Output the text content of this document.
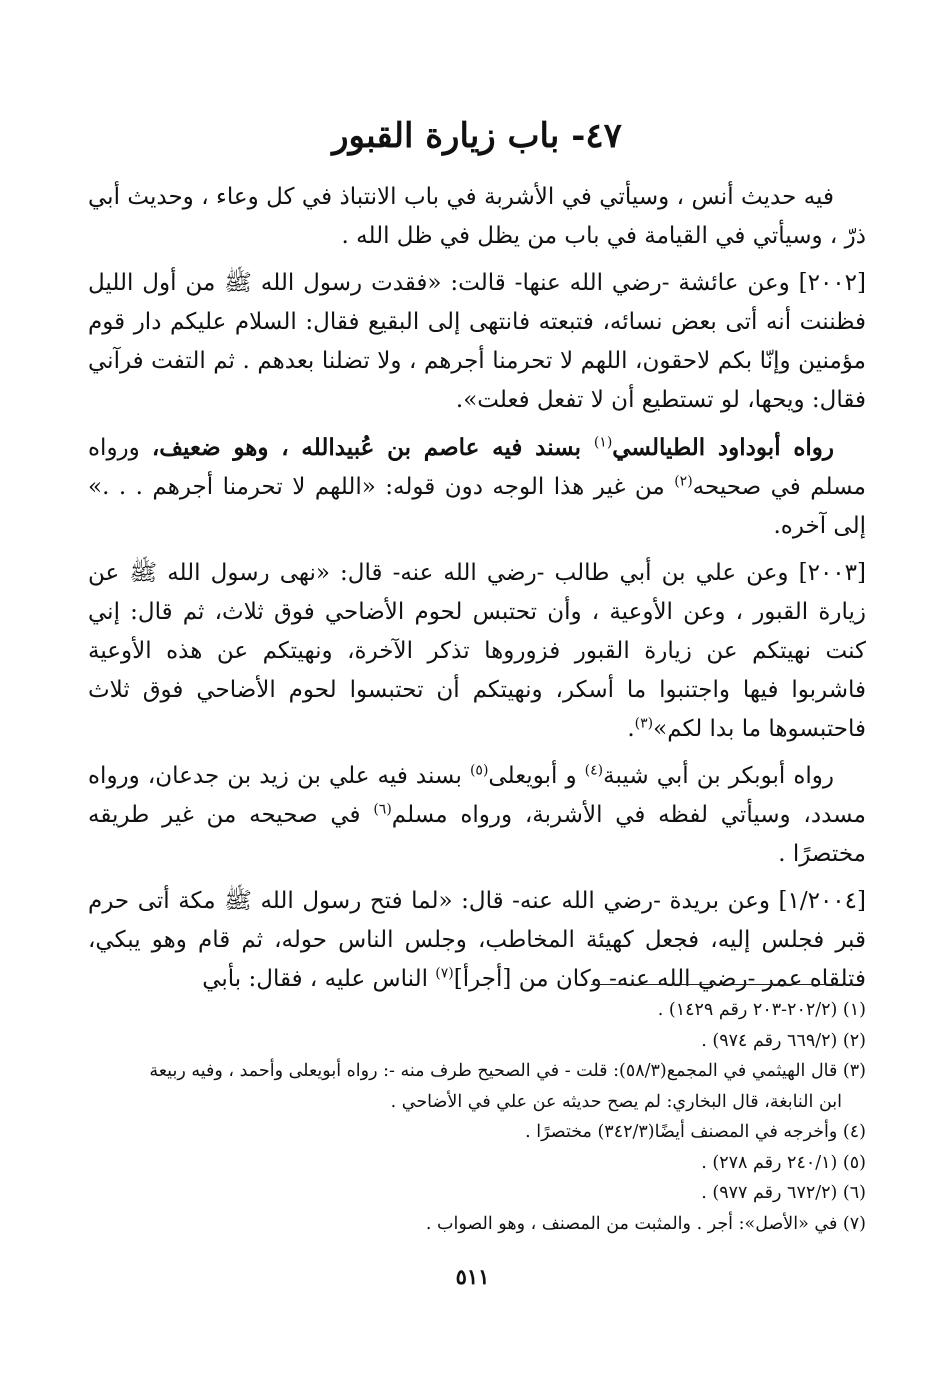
٤٧- باب زيارة القبور

فيه حديث أنس ، وسيأتي في الأشربة في باب الانتباذ في كل وعاء ، وحديث أبي ذرّ ، وسيأتي في القيامة في باب من يظل في ظل الله .

[٢٠٠٢] وعن عائشة -رضي الله عنها- قالت: «فقدت رسول الله ﷺ من أول الليل فظننت أنه أتى بعض نسائه، فتبعته فانتهى إلى البقيع فقال: السلام عليكم دار قوم مؤمنين وإنّا بكم لاحقون، اللهم لا تحرمنا أجرهم ، ولا تضلنا بعدهم . ثم التفت فرآني فقال: ويحها، لو تستطيع أن لا تفعل فعلت».

رواه أبوداود الطيالسي$^{(١)}$ بسند فيه عاصم بن عُبيدالله ، وهو ضعيف، ورواه مسلم في صحيحه$^{(٢)}$ من غير هذا الوجه دون قوله: «اللهم لا تحرمنا أجرهم . . .» إلى آخره.

[٢٠٠٣] وعن علي بن أبي طالب -رضي الله عنه- قال: «نهى رسول الله ﷺ عن زيارة القبور ، وعن الأوعية ، وأن تحتبس لحوم الأضاحي فوق ثلاث، ثم قال: إني كنت نهيتكم عن زيارة القبور فزوروها تذكر الآخرة، ونهيتكم عن هذه الأوعية فاشربوا فيها واجتنبوا ما أسكر، ونهيتكم أن تحتبسوا لحوم الأضاحي فوق ثلاث فاحتبسوها ما بدا لكم»$^{(٣)}$.

رواه أبوبكر بن أبي شيبة$^{(٤)}$ و أبويعلى$^{(٥)}$ بسند فيه علي بن زيد بن جدعان، ورواه مسدد، وسيأتي لفظه في الأشربة، ورواه مسلم$^{(٦)}$ في صحيحه من غير طريقه مختصرًا .

[١/٢٠٠٤] وعن بريدة -رضي الله عنه- قال: «لما فتح رسول الله ﷺ مكة أتى حرم قبر فجلس إليه، فجعل كهيئة المخاطب، وجلس الناس حوله، ثم قام وهو يبكي، فتلقاه عمر -رضي الله عنه- وكان من [أجرأ]$^{(٧)}$ الناس عليه ، فقال: بأبي

(١) (٢٠٢/٢-٢٠٣ رقم ١٤٢٩) .

(٢) (٦٦٩/٢ رقم ٩٧٤) .

(٣) قال الهيثمي في المجمع(٥٨/٣): قلت - في الصحيح طرف منه -: رواه أبويعلى وأحمد ، وفيه ربيعة

ابن النابغة، قال البخاري: لم يصح حديثه عن علي في الأضاحي .

(٤) وأخرجه في المصنف أيضًا(٣٤٢/٣) مختصرًا .

(٥) (٢٤٠/١ رقم ٢٧٨) .

(٦) (٦٧٢/٢ رقم ٩٧٧) .

(٧) في «الأصل»: أجر . والمثبت من المصنف ، وهو الصواب .

٥١١
